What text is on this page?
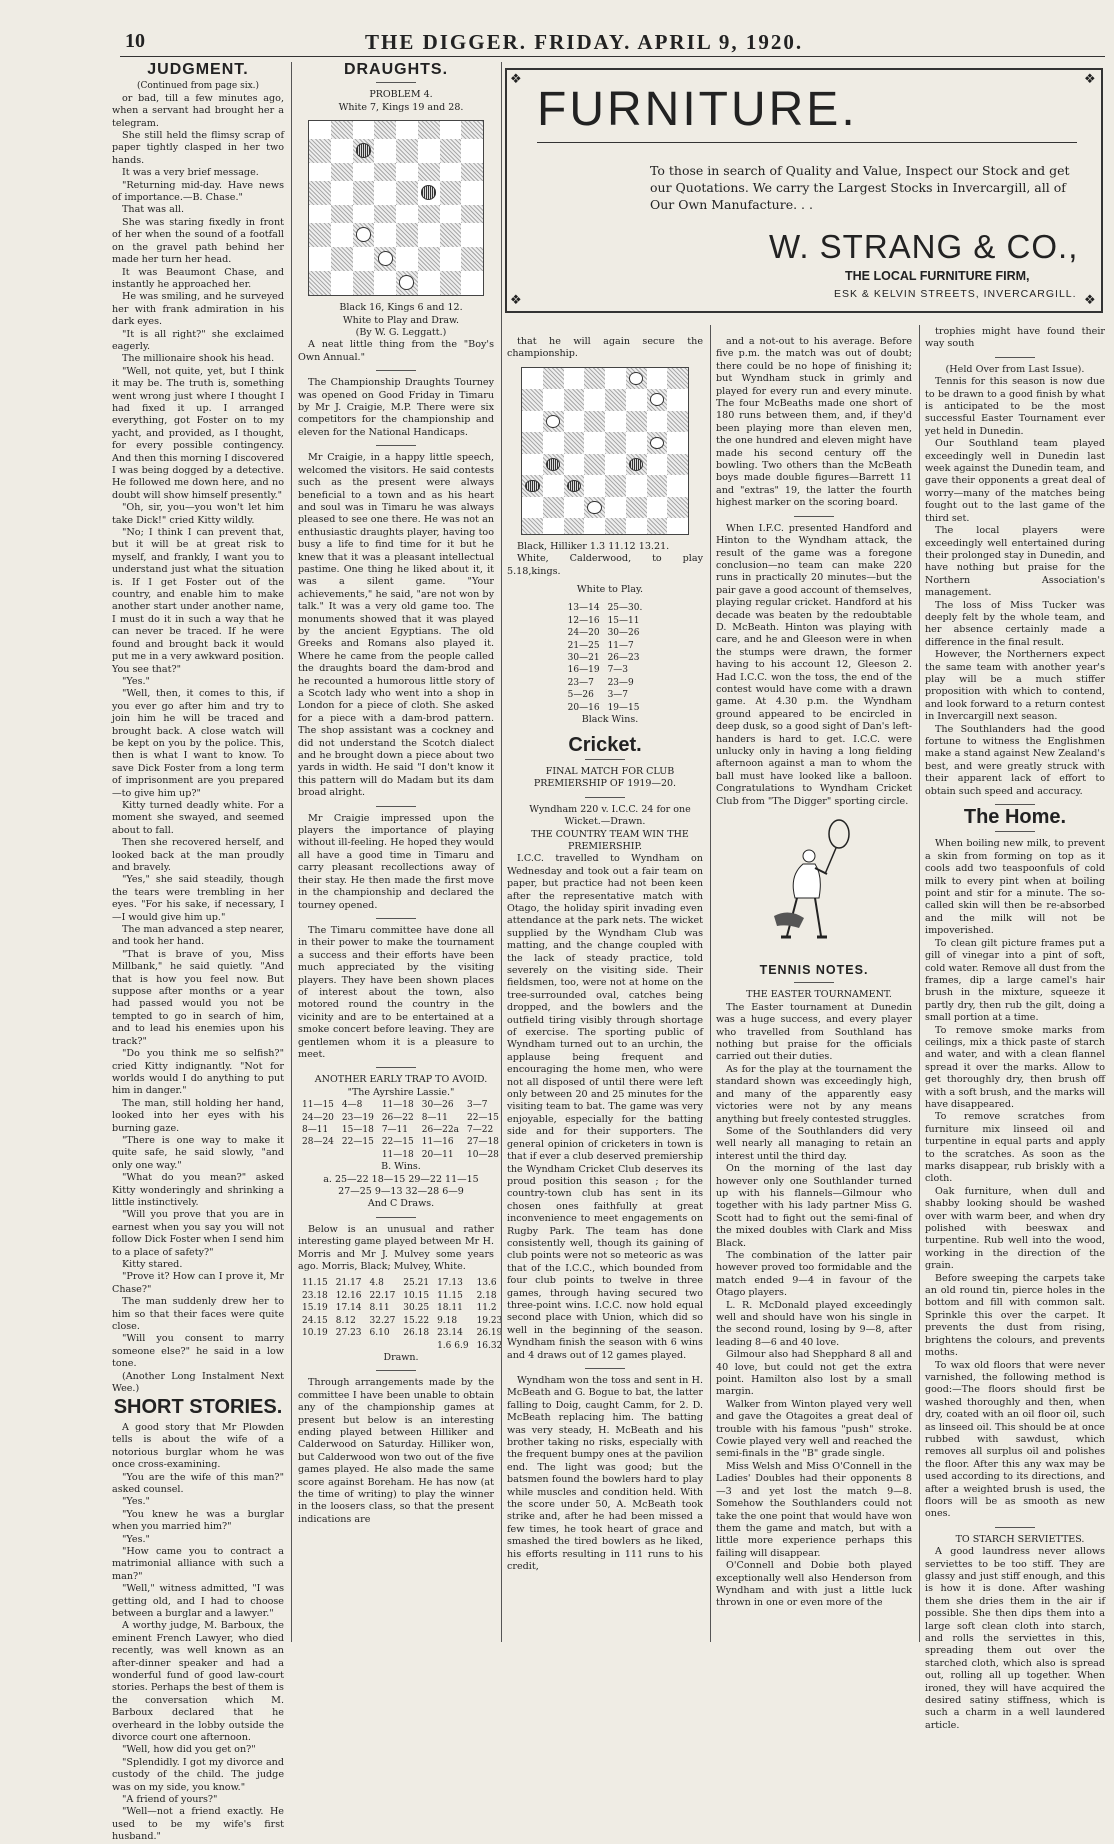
10	THE DIGGER. FRIDAY. APRIL 9, 1920.
JUDGMENT.

(Continued from page six.)

or bad, till a few minutes ago, when a servant had brought her a telegram.

She still held the flimsy scrap of paper tightly clasped in her two hands.

It was a very brief message.

"Returning mid-day. Have news of importance.—B. Chase."

That was all.

She was staring fixedly in front of her when the sound of a footfall on the gravel path behind her made her turn her head.

It was Beaumont Chase, and instantly he approached her.

He was smiling, and he surveyed her with frank admiration in his dark eyes.

"It is all right?" she exclaimed eagerly.

The millionaire shook his head.

"Well, not quite, yet, but I think it may be. The truth is, something went wrong just where I thought I had fixed it up. I arranged everything, got Foster on to my yacht, and provided, as I thought, for every possible contingency. And then this morning I discovered I was being dogged by a detective. He followed me down here, and no doubt will show himself presently."

"Oh, sir, you—you won't let him take Dick!" cried Kitty wildly.

"No; I think I can prevent that, but it will be at great risk to myself, and frankly, I want you to understand just what the situation is. If I get Foster out of the country, and enable him to make another start under another name, I must do it in such a way that he can never be traced. If he were found and brought back it would put me in a very awkward position. You see that?"

"Yes."

"Well, then, it comes to this, if you ever go after him and try to join him he will be traced and brought back. A close watch will be kept on you by the police. This, then is what I want to know. To save Dick Foster from a long term of imprisonment are you prepared—to give him up?"

Kitty turned deadly white. For a moment she swayed, and seemed about to fall.

Then she recovered herself, and looked back at the man proudly and bravely.

"Yes," she said steadily, though the tears were trembling in her eyes. "For his sake, if necessary, I—I would give him up."

The man advanced a step nearer, and took her hand.

"That is brave of you, Miss Millbank," he said quietly. "And that is how you feel now. But suppose after months or a year had passed would you not be tempted to go in search of him, and to lead his enemies upon his track?"

"Do you think me so selfish?" cried Kitty indignantly. "Not for worlds would I do anything to put him in danger."

The man, still holding her hand, looked into her eyes with his burning gaze.

"There is one way to make it quite safe, he said slowly, "and only one way."

"What do you mean?" asked Kitty wonderingly and shrinking a little instinctively.

"Will you prove that you are in earnest when you say you will not follow Dick Foster when I send him to a place of safety?"

Kitty stared.

"Prove it? How can I prove it, Mr Chase?"

The man suddenly drew her to him so that their faces were quite close.

"Will you consent to marry someone else?" he said in a low tone.

(Another Long Instalment Next Wee.)

SHORT STORIES.

A good story that Mr Plowden tells is about the wife of a notorious burglar whom he was once cross-examining.

"You are the wife of this man?" asked counsel.

"Yes."

"You knew he was a burglar when you married him?"

"Yes."

"How came you to contract a matrimonial alliance with such a man?"

"Well," witness admitted, "I was getting old, and I had to choose between a burglar and a lawyer."

A worthy judge, M. Barboux, the eminent French Lawyer, who died recently, was well known as an after-dinner speaker and had a wonderful fund of good law-court stories. Perhaps the best of them is the conversation which M. Barboux declared that he overheard in the lobby outside the divorce court one afternoon.

"Well, how did you get on?"

"Splendidly. I got my divorce and custody of the child. The judge was on my side, you know."

"A friend of yours?"

"Well—not a friend exactly. He used to be my wife's first husband."

DRAUGHTS.

PROBLEM 4.

White 7, Kings 19 and 28.

Black 16, Kings 6 and 12.

White to Play and Draw.

(By W. G. Leggatt.)

A neat little thing from the "Boy's Own Annual."

The Championship Draughts Tourney was opened on Good Friday in Timaru by Mr J. Craigie, M.P. There were six competitors for the championship and eleven for the National Handicaps.

Mr Craigie, in a happy little speech, welcomed the visitors. He said contests such as the present were always beneficial to a town and as his heart and soul was in Timaru he was always pleased to see one there. He was not an enthusiastic draughts player, having too busy a life to find time for it but he knew that it was a pleasant intellectual pastime. One thing he liked about it, it was a silent game. "Your achievements," he said, "are not won by talk." It was a very old game too. The monuments showed that it was played by the ancient Egyptians. The old Greeks and Romans also played it. Where he came from the people called the draughts board the dam-brod and he recounted a humorous little story of a Scotch lady who went into a shop in London for a piece of cloth. She asked for a piece with a dam-brod pattern. The shop assistant was a cockney and did not understand the Scotch dialect and he brought down a piece about two yards in width. He said "I don't know it this pattern will do Madam but its dam broad alright.

Mr Craigie impressed upon the players the importance of playing without ill-feeling. He hoped they would all have a good time in Timaru and carry pleasant recollections away of their stay. He then made the first move in the championship and declared the tourney opened.

The Timaru committee have done all in their power to make the tournament a success and their efforts have been much appreciated by the visiting players. They have been shown places of interest about the town, also motored round the country in the vicinity and are to be entertained at a smoke concert before leaving. They are gentlemen whom it is a pleasure to meet.

ANOTHER EARLY TRAP TO AVOID.

"The Ayrshire Lassie."

11—15	4—8	11—18	30—26	3—7
24—20	23—19	26—22	8—11	22—15
8—11	15—18	7—11	26—22a	7—22
28—24	22—15	22—15	11—16	27—18
		11—18	20—11	10—28

B. Wins.

a. 25—22 18—15 29—22 11—15

27—25 9—13 32—28 6—9

And C Draws.

Below is an unusual and rather interesting game played between Mr H. Morris and Mr J. Mulvey some years ago. Morris, Black; Mulvey, White.

11.15	21.17	4.8	25.21	17.13	13.6
23.18	12.16	22.17	10.15	11.15	2.18
15.19	17.14	8.11	30.25	18.11	11.2
24.15	8.12	32.27	15.22	9.18	19.23
10.19	27.23	6.10	26.18	23.14	26.19
				1.6 6.9	16.32

Drawn.

Through arrangements made by the committee I have been unable to obtain any of the championship games at present but below is an interesting ending played between Hilliker and Calderwood on Saturday. Hilliker won, but Calderwood won two out of the five games played. He also made the same score against Boreham. He has now (at the time of writing) to play the winner in the loosers class, so that the present indications are

❖	❖
❖	❖
FURNITURE.
To those in search of Quality and Value, Inspect our Stock and get our Quotations. We carry the Largest Stocks in Invercargill, all of Our Own Manufacture. . .
W. STRANG & CO.,
THE LOCAL FURNITURE FIRM,
ESK & KELVIN STREETS, INVERCARGILL.

that he will again secure the championship.

Black, Hilliker 1.3 11.12 13.21.

White, Calderwood, to play 5.18,kings.

White to Play.

13—14	25—30.
12—16	15—11
24—20	30—26
21—25	11—7
30—21	26—23
16—19	7—3
23—7	23—9
5—26	3—7
20—16	19—15

Black Wins.

Cricket.

FINAL MATCH FOR CLUB PREMIERSHIP OF 1919—20.

Wyndham 220 v. I.C.C. 24 for one Wicket.—Drawn.

THE COUNTRY TEAM WIN THE PREMIERSHIP.

I.C.C. travelled to Wyndham on Wednesday and took out a fair team on paper, but practice had not been keen after the representative match with Otago, the holiday spirit invading even attendance at the park nets. The wicket supplied by the Wyndham Club was matting, and the change coupled with the lack of steady practice, told severely on the visiting side. Their fieldsmen, too, were not at home on the tree-surrounded oval, catches being dropped, and the bowlers and the outfield tiring visibly through shortage of exercise. The sporting public of Wyndham turned out to an urchin, the applause being frequent and encouraging the home men, who were not all disposed of until there were left only between 20 and 25 minutes for the visiting team to bat. The game was very enjoyable, especially for the batting side and for their supporters. The general opinion of cricketers in town is that if ever a club deserved premiership the Wyndham Cricket Club deserves its proud position this season ; for the country-town club has sent in its chosen ones faithfully at great inconvenience to meet engagements on Rugby Park. The team has done consistently well, though its gaining of club points were not so meteoric as was that of the I.C.C., which bounded from four club points to twelve in three games, through having secured two three-point wins. I.C.C. now hold equal second place with Union, which did so well in the beginning of the season. Wyndham finish the season with 6 wins and 4 draws out of 12 games played.

Wyndham won the toss and sent in H. McBeath and G. Bogue to bat, the latter falling to Doig, caught Camm, for 2. D. McBeath replacing him. The batting was very steady, H. McBeath and his brother taking no risks, especially with the frequent bumpy ones at the pavilion end. The light was good; but the batsmen found the bowlers hard to play while muscles and condition held. With the score under 50, A. McBeath took strike and, after he had been missed a few times, he took heart of grace and smashed the tired bowlers as he liked, his efforts resulting in 111 runs to his credit,

and a not-out to his average. Before five p.m. the match was out of doubt; there could be no hope of finishing it; but Wyndham stuck in grimly and played for every run and every minute. The four McBeaths made one short of 180 runs between them, and, if they'd been playing more than eleven men, the one hundred and eleven might have made his second century off the bowling. Two others than the McBeath boys made double figures—Barrett 11 and "extras" 19, the latter the fourth highest marker on the scoring board.

When I.F.C. presented Handford and Hinton to the Wyndham attack, the result of the game was a foregone conclusion—no team can make 220 runs in practically 20 minutes—but the pair gave a good account of themselves, playing regular cricket. Handford at his decade was beaten by the redoubtable D. McBeath. Hinton was playing with care, and he and Gleeson were in when the stumps were drawn, the former having to his account 12, Gleeson 2. Had I.C.C. won the toss, the end of the contest would have come with a drawn game. At 4.30 p.m. the Wyndham ground appeared to be encircled in deep dusk, so a good sight of Dan's left-handers is hard to get. I.C.C. were unlucky only in having a long fielding afternoon against a man to whom the ball must have looked like a balloon. Congratulations to Wyndham Cricket Club from "The Digger" sporting circle.

TENNIS NOTES.

THE EASTER TOURNAMENT.

The Easter tournament at Dunedin was a huge success, and every player who travelled from Southland has nothing but praise for the officials carried out their duties.

As for the play at the tournament the standard shown was exceedingly high, and many of the apparently easy victories were not by any means anything but freely contested struggles.

Some of the Southlanders did very well nearly all managing to retain an interest until the third day.

On the morning of the last day however only one Southlander turned up with his flannels—Gilmour who together with his lady partner Miss G. Scott had to fight out the semi-final of the mixed doubles with Clark and Miss Black.

The combination of the latter pair however proved too formidable and the match ended 9—4 in favour of the Otago players.

L. R. McDonald played exceedingly well and should have won his single in the second round, losing by 9—8, after leading 8—6 and 40 love.

Gilmour also had Shepphard 8 all and 40 love, but could not get the extra point. Hamilton also lost by a small margin.

Walker from Winton played very well and gave the Otagoites a great deal of trouble with his famous "push" stroke. Cowie played very well and reached the semi-finals in the "B" grade single.

Miss Welsh and Miss O'Connell in the Ladies' Doubles had their opponents 8—3 and yet lost the match 9—8. Somehow the Southlanders could not take the one point that would have won them the game and match, but with a little more experience perhaps this failing will disappear.

O'Connell and Dobie both played exceptionally well also Henderson from Wyndham and with just a little luck thrown in one or even more of the

trophies might have found their way south

(Held Over from Last Issue).

Tennis for this season is now due to be drawn to a good finish by what is anticipated to be the most successful Easter Tournament ever yet held in Dunedin.

Our Southland team played exceedingly well in Dunedin last week against the Dunedin team, and gave their opponents a great deal of worry—many of the matches being fought out to the last game of the third set.

The local players were exceedingly well entertained during their prolonged stay in Dunedin, and have nothing but praise for the Northern Association's management.

The loss of Miss Tucker was deeply felt by the whole team, and her absence certainly made a difference in the final result.

However, the Northerners expect the same team with another year's play will be a much stiffer proposition with which to contend, and look forward to a return contest in Invercargill next season.

The Southlanders had the good fortune to witness the Englishmen make a stand against New Zealand's best, and were greatly struck with their apparent lack of effort to obtain such speed and accuracy.

The Home.

When boiling new milk, to prevent a skin from forming on top as it cools add two teaspoonfuls of cold milk to every pint when at boiling point and stir for a minute. The so-called skin will then be re-absorbed and the milk will not be impoverished.

To clean gilt picture frames put a gill of vinegar into a pint of soft, cold water. Remove all dust from the frames, dip a large camel's hair brush in the mixture, squeeze it partly dry, then rub the gilt, doing a small portion at a time.

To remove smoke marks from ceilings, mix a thick paste of starch and water, and with a clean flannel spread it over the marks. Allow to get thoroughly dry, then brush off with a soft brush, and the marks will have disappeared.

To remove scratches from furniture mix linseed oil and turpentine in equal parts and apply to the scratches. As soon as the marks disappear, rub briskly with a cloth.

Oak furniture, when dull and shabby looking should be washed over with warm beer, and when dry polished with beeswax and turpentine. Rub well into the wood, working in the direction of the grain.

Before sweeping the carpets take an old round tin, pierce holes in the bottom and fill with common salt. Sprinkle this over the carpet. It prevents the dust from rising, brightens the colours, and prevents moths.

To wax old floors that were never varnished, the following method is good:—The floors should first be washed thoroughly and then, when dry, coated with an oil floor oil, such as linseed oil. This should be at once rubbed with sawdust, which removes all surplus oil and polishes the floor. After this any wax may be used according to its directions, and after a weighted brush is used, the floors will be as smooth as new ones.

TO STARCH SERVIETTES.

A good laundress never allows serviettes to be too stiff. They are glassy and just stiff enough, and this is how it is done. After washing them she dries them in the air if possible. She then dips them into a large soft clean cloth into starch, and rolls the serviettes in this, spreading them out over the starched cloth, which also is spread out, rolling all up together. When ironed, they will have acquired the desired satiny stiffness, which is such a charm in a well laundered article.
